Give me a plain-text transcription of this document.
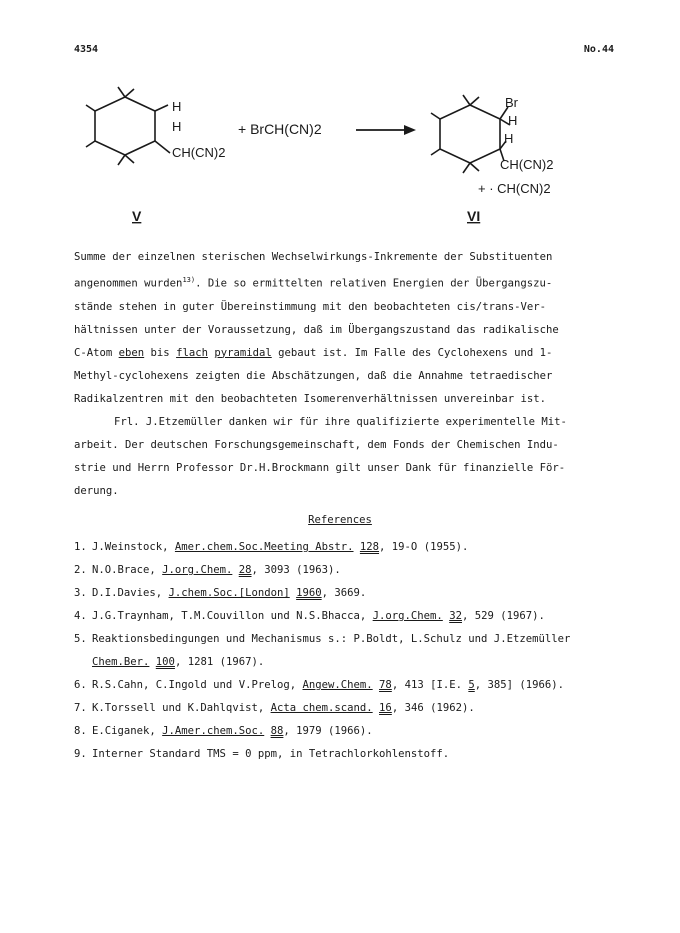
4354	No.44
H
H
CH(CN)2
+ BrCH(CN)2
Br
H
H
CH(CN)2
+ · CH(CN)2
V	VI

Summe der einzelnen sterischen Wechselwirkungs-Inkremente der Substituenten

angenommen wurden$^{13)}$. Die so ermittelten relativen Energien der Übergangszu-

stände stehen in guter Übereinstimmung mit den beobachteten cis/trans-Ver-

hältnissen unter der Voraussetzung, daß im Übergangszustand das radikalische

C-Atom eben bis flach pyramidal gebaut ist. Im Falle des Cyclohexens und 1-

Methyl-cyclohexens zeigten die Abschätzungen, daß die Annahme tetraedischer

Radikalzentren mit den beobachteten Isomerenverhältnissen unvereinbar ist.

Frl. J.Etzemüller danken wir für ihre qualifizierte experimentelle Mit-

arbeit. Der deutschen Forschungsgemeinschaft, dem Fonds der Chemischen Indu-

strie und Herrn Professor Dr.H.Brockmann gilt unser Dank für finanzielle För-

derung.

References
1. J.Weinstock, Amer.chem.Soc.Meeting Abstr. 128, 19-O (1955).
2. N.O.Brace, J.org.Chem. 28, 3093 (1963).
3. D.I.Davies, J.chem.Soc.[London] 1960, 3669.
4. J.G.Traynham, T.M.Couvillon und N.S.Bhacca, J.org.Chem. 32, 529 (1967).
5. Reaktionsbedingungen und Mechanismus s.: P.Boldt, L.Schulz und J.Etzemüller
Chem.Ber. 100, 1281 (1967).
6. R.S.Cahn, C.Ingold und V.Prelog, Angew.Chem. 78, 413 [I.E. 5, 385] (1966).
7. K.Torssell und K.Dahlqvist, Acta chem.scand. 16, 346 (1962).
8. E.Ciganek, J.Amer.chem.Soc. 88, 1979 (1966).
9. Interner Standard TMS = 0 ppm, in Tetrachlorkohlenstoff.
